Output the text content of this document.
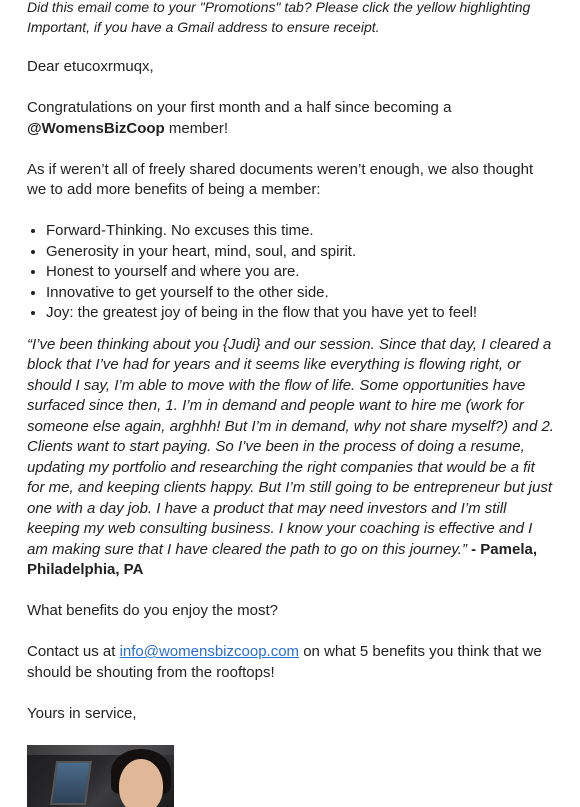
Did this email come to your "Promotions" tab? Please click the yellow highlighting Important, if you have a Gmail address to ensure receipt.

Dear etucoxrmuqx,

Congratulations on your first month and a half since becoming a @WomensBizCoop member!

As if weren’t all of freely shared documents weren’t enough, we also thought we to add more benefits of being a member:

• Forward-Thinking. No excuses this time.
• Generosity in your heart, mind, soul, and spirit.
• Honest to yourself and where you are.
• Innovative to get yourself to the other side.
• Joy: the greatest joy of being in the flow that you have yet to feel!

“I’ve been thinking about you {Judi} and our session. Since that day, I cleared a block that I’ve had for years and it seems like everything is flowing right, or should I say, I’m able to move with the flow of life. Some opportunities have surfaced since then, 1. I’m in demand and people want to hire me (work for someone else again, arghhh! But I’m in demand, why not share myself?) and 2. Clients want to start paying. So I’ve been in the process of doing a resume, updating my portfolio and researching the right companies that would be a fit for me, and keeping clients happy. But I’m still going to be entrepreneur but just one with a day job. I have a product that may need investors and I’m still keeping my web consulting business. I know your coaching is effective and I am making sure that I have cleared the path to go on this journey.” - Pamela, Philadelphia, PA

What benefits do you enjoy the most?

Contact us at info@womensbizcoop.com on what 5 benefits you think that we should be shouting from the rooftops!

Yours in service,
